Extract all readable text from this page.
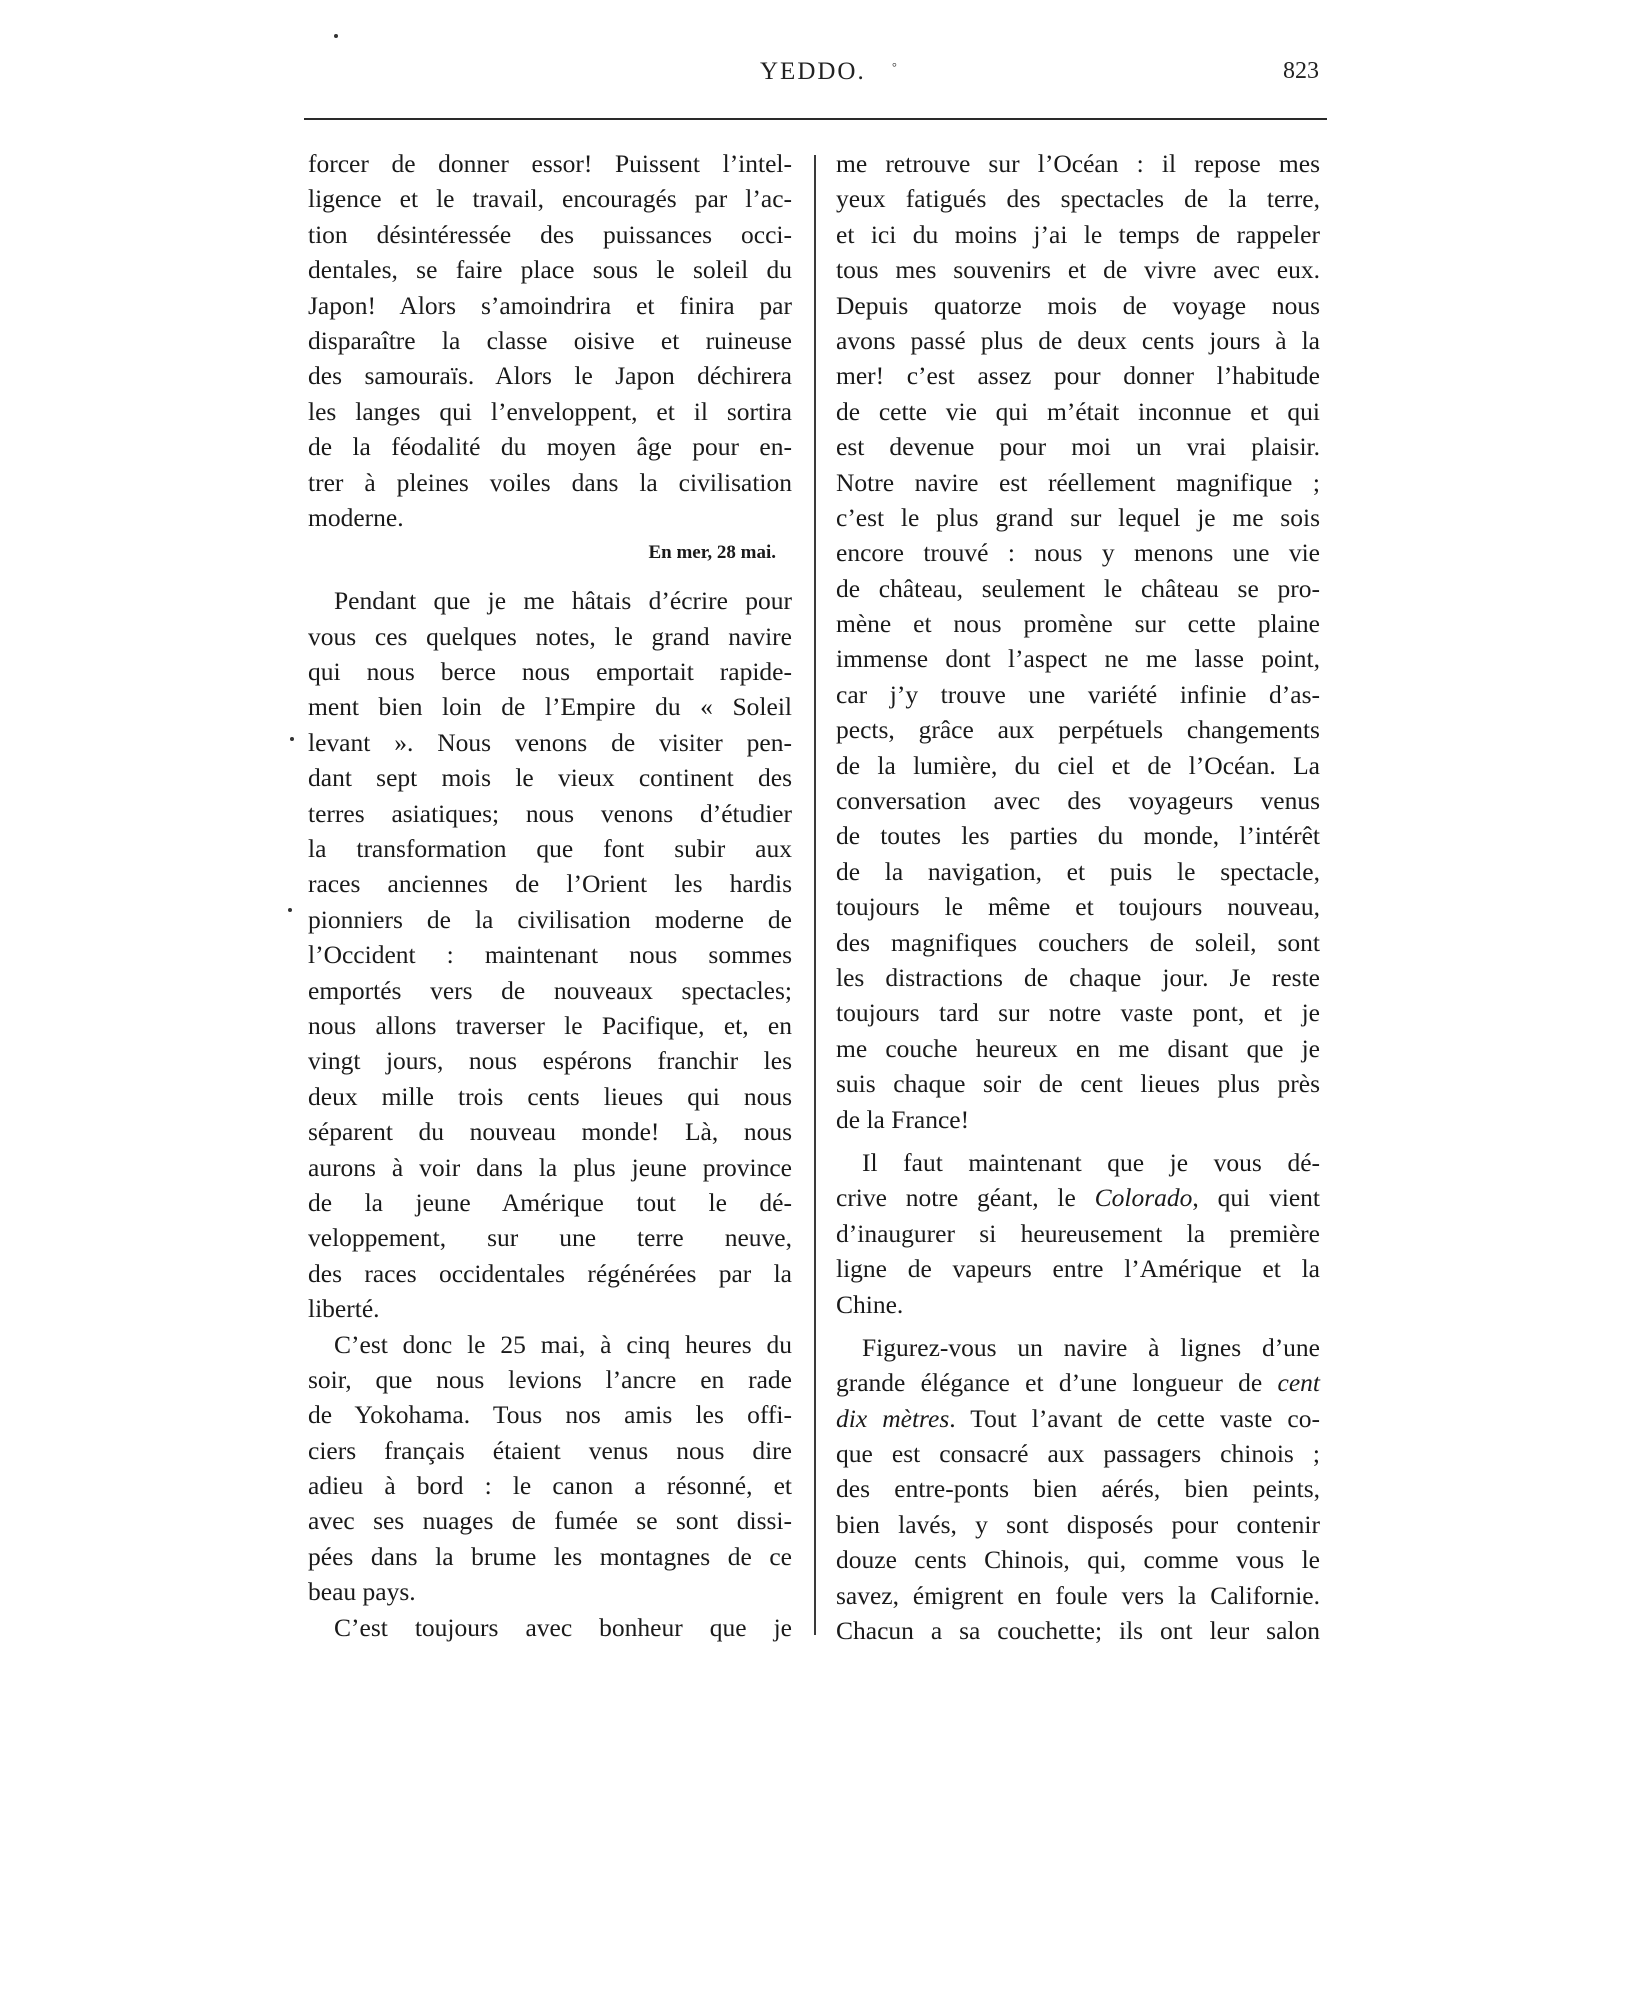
YEDDO. °	823
forcer de donner essor! Puissent l’intel-
ligence et le travail, encouragés par l’ac-
tion désintéressée des puissances occi-
dentales, se faire place sous le soleil du
Japon! Alors s’amoindrira et finira par
disparaître la classe oisive et ruineuse
des samouraïs. Alors le Japon déchirera
les langes qui l’enveloppent, et il sortira
de la féodalité du moyen âge pour en-
trer à pleines voiles dans la civilisation
moderne.
En mer, 28 mai.
Pendant que je me hâtais d’écrire pour
vous ces quelques notes, le grand navire
qui nous berce nous emportait rapide-
ment bien loin de l’Empire du « Soleil
levant ». Nous venons de visiter pen-
dant sept mois le vieux continent des
terres asiatiques; nous venons d’étudier
la transformation que font subir aux
races anciennes de l’Orient les hardis
pionniers de la civilisation moderne de
l’Occident : maintenant nous sommes
emportés vers de nouveaux spectacles;
nous allons traverser le Pacifique, et, en
vingt jours, nous espérons franchir les
deux mille trois cents lieues qui nous
séparent du nouveau monde! Là, nous
aurons à voir dans la plus jeune province
de la jeune Amérique tout le dé-
veloppement, sur une terre neuve,
des races occidentales régénérées par la
liberté.
C’est donc le 25 mai, à cinq heures du
soir, que nous levions l’ancre en rade
de Yokohama. Tous nos amis les offi-
ciers français étaient venus nous dire
adieu à bord : le canon a résonné, et
avec ses nuages de fumée se sont dissi-
pées dans la brume les montagnes de ce
beau pays.
C’est toujours avec bonheur que je
me retrouve sur l’Océan : il repose mes
yeux fatigués des spectacles de la terre,
et ici du moins j’ai le temps de rappeler
tous mes souvenirs et de vivre avec eux.
Depuis quatorze mois de voyage nous
avons passé plus de deux cents jours à la
mer! c’est assez pour donner l’habitude
de cette vie qui m’était inconnue et qui
est devenue pour moi un vrai plaisir.
Notre navire est réellement magnifique ;
c’est le plus grand sur lequel je me sois
encore trouvé : nous y menons une vie
de château, seulement le château se pro-
mène et nous promène sur cette plaine
immense dont l’aspect ne me lasse point,
car j’y trouve une variété infinie d’as-
pects, grâce aux perpétuels changements
de la lumière, du ciel et de l’Océan. La
conversation avec des voyageurs venus
de toutes les parties du monde, l’intérêt
de la navigation, et puis le spectacle,
toujours le même et toujours nouveau,
des magnifiques couchers de soleil, sont
les distractions de chaque jour. Je reste
toujours tard sur notre vaste pont, et je
me couche heureux en me disant que je
suis chaque soir de cent lieues plus près
de la France!
Il faut maintenant que je vous dé-
crive notre géant, le Colorado, qui vient
d’inaugurer si heureusement la première
ligne de vapeurs entre l’Amérique et la
Chine.
Figurez-vous un navire à lignes d’une
grande élégance et d’une longueur de cent
dix mètres. Tout l’avant de cette vaste co-
que est consacré aux passagers chinois ;
des entre-ponts bien aérés, bien peints,
bien lavés, y sont disposés pour contenir
douze cents Chinois, qui, comme vous le
savez, émigrent en foule vers la Californie.
Chacun a sa couchette; ils ont leur salon
